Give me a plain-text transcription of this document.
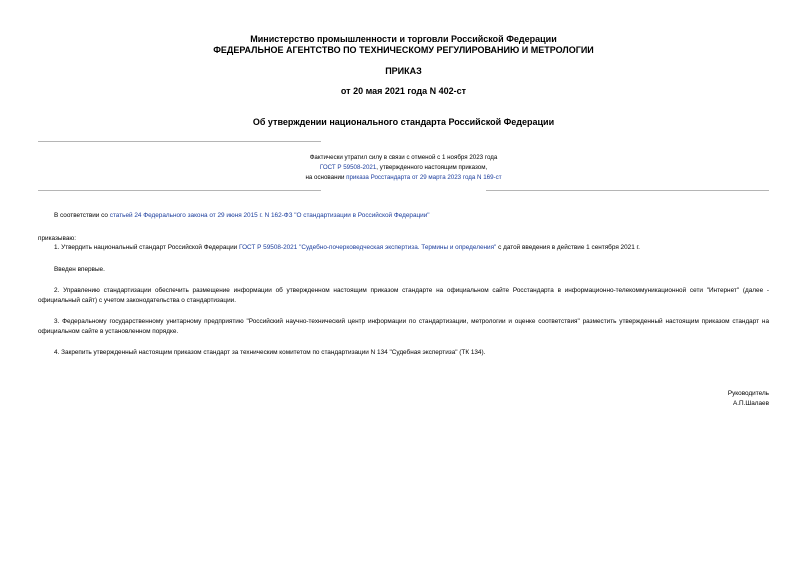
Министерство промышленности и торговли Российской Федерации
ФЕДЕРАЛЬНОЕ АГЕНТСТВО ПО ТЕХНИЧЕСКОМУ РЕГУЛИРОВАНИЮ И МЕТРОЛОГИИ
ПРИКАЗ
от 20 мая 2021 года N 402-ст
Об утверждении национального стандарта Российской Федерации
Фактически утратил силу в связи с отменой с 1 ноября 2023 года
ГОСТ Р 59508-2021, утвержденного настоящим приказом,
на основании приказа Росстандарта от 29 марта 2023 года N 169-ст
В соответствии со статьей 24 Федерального закона от 29 июня 2015 г. N 162-ФЗ "О стандартизации в Российской Федерации"
приказываю:
1. Утвердить национальный стандарт Российской Федерации ГОСТ Р 59508-2021 "Судебно-почерковедческая экспертиза. Термины и определения" с датой введения в действие 1 сентября 2021 г.
Введен впервые.
2. Управлению стандартизации обеспечить размещение информации об утвержденном настоящим приказом стандарте на официальном сайте Росстандарта в информационно-телекоммуникационной сети "Интернет" (далее - официальный сайт) с учетом законодательства о стандартизации.
3. Федеральному государственному унитарному предприятию "Российский научно-технический центр информации по стандартизации, метрологии и оценке соответствия" разместить утвержденный настоящим приказом стандарт на официальном сайте в установленном порядке.
4. Закрепить утвержденный настоящим приказом стандарт за техническим комитетом по стандартизации N 134 "Судебная экспертиза" (ТК 134).
Руководитель
А.П.Шалаев
